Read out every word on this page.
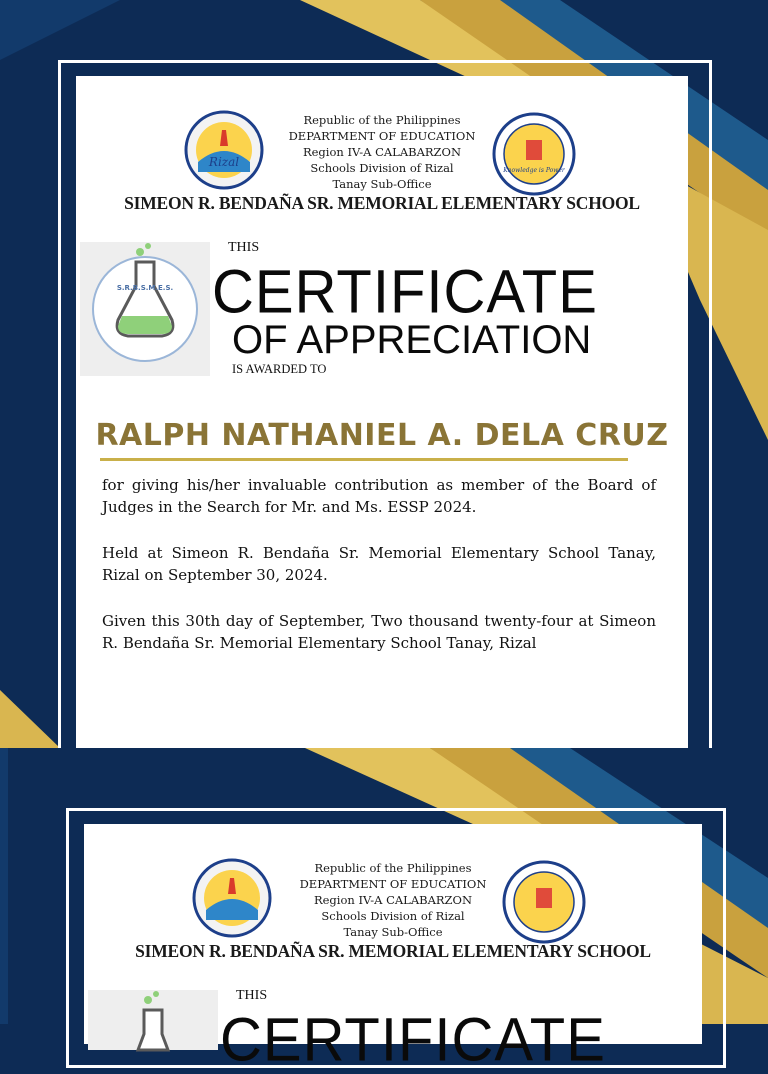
Rizal
Republic of the Philippines
DEPARTMENT OF EDUCATION
Region IV-A CALABARZON
Schools Division of Rizal
Tanay Sub-Office
Knowledge is Power
SIMEON R. BENDAÑA SR. MEMORIAL ELEMENTARY SCHOOL
S.R.B.S.M.E.S.
THIS
CERTIFICATE
OF APPRECIATION
IS AWARDED TO
RALPH NATHANIEL A. DELA CRUZ
for giving his/her invaluable contribution as member of the Board of Judges in the Search for Mr. and Ms. ESSP 2024.
Held at Simeon R. Bendaña Sr. Memorial Elementary School Tanay, Rizal on September 30, 2024.
Given this 30th day of September, Two thousand twenty-four at Simeon R. Bendaña Sr. Memorial Elementary School Tanay, Rizal
Republic of the Philippines
DEPARTMENT OF EDUCATION
Region IV-A CALABARZON
Schools Division of Rizal
Tanay Sub-Office
SIMEON R. BENDAÑA SR. MEMORIAL ELEMENTARY SCHOOL
THIS
CERTIFICATE
